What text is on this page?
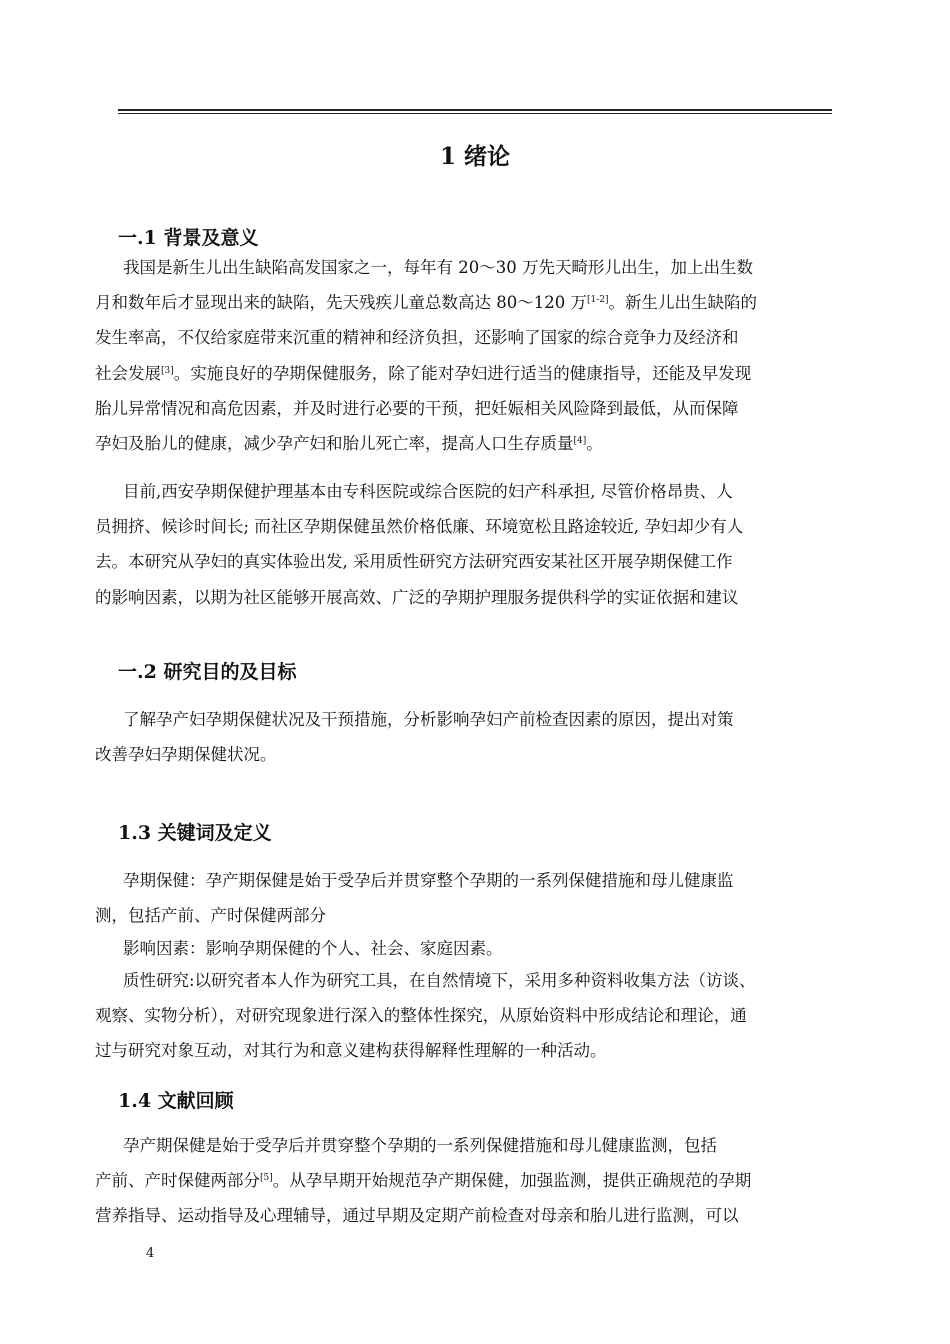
1 绪论
一.1 背景及意义
我国是新生儿出生缺陷高发国家之一，每年有 20～30 万先天畸形儿出生，加上出生数
月和数年后才显现出来的缺陷，先天残疾儿童总数高达 80～120 万[1-2]。新生儿出生缺陷的
发生率高，不仅给家庭带来沉重的精神和经济负担，还影响了国家的综合竞争力及经济和
社会发展[3]。实施良好的孕期保健服务，除了能对孕妇进行适当的健康指导，还能及早发现
胎儿异常情况和高危因素，并及时进行必要的干预，把妊娠相关风险降到最低，从而保障
孕妇及胎儿的健康，减少孕产妇和胎儿死亡率，提高人口生存质量[4]。
目前,西安孕期保健护理基本由专科医院或综合医院的妇产科承担, 尽管价格昂贵、人
员拥挤、候诊时间长; 而社区孕期保健虽然价格低廉、环境宽松且路途较近, 孕妇却少有人
去。本研究从孕妇的真实体验出发, 采用质性研究方法研究西安某社区开展孕期保健工作
的影响因素，以期为社区能够开展高效、广泛的孕期护理服务提供科学的实证依据和建议
一.2 研究目的及目标
了解孕产妇孕期保健状况及干预措施，分析影响孕妇产前检查因素的原因，提出对策
改善孕妇孕期保健状况。
1.3 关键词及定义
孕期保健：孕产期保健是始于受孕后并贯穿整个孕期的一系列保健措施和母儿健康监
测，包括产前、产时保健两部分
影响因素：影响孕期保健的个人、社会、家庭因素。
质性研究:以研究者本人作为研究工具，在自然情境下，采用多种资料收集方法（访谈、
观察、实物分析），对研究现象进行深入的整体性探究，从原始资料中形成结论和理论，通
过与研究对象互动，对其行为和意义建构获得解释性理解的一种活动。
1.4 文献回顾
孕产期保健是始于受孕后并贯穿整个孕期的一系列保健措施和母儿健康监测，包括
产前、产时保健两部分[5]。从孕早期开始规范孕产期保健，加强监测，提供正确规范的孕期
营养指导、运动指导及心理辅导，通过早期及定期产前检查对母亲和胎儿进行监测，可以
4
